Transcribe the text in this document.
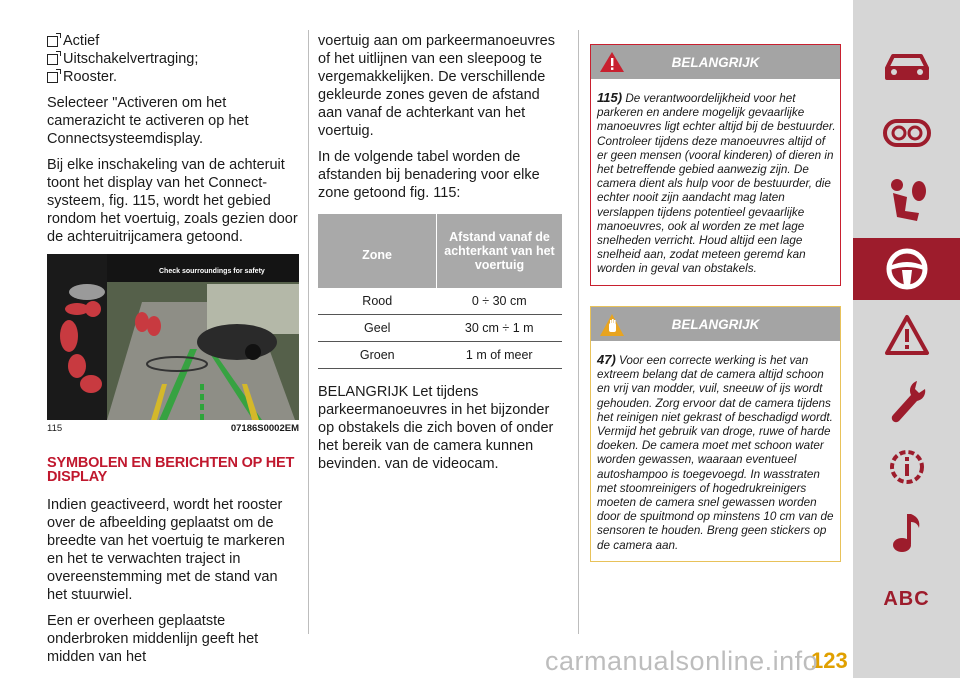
Actief
Uitschakelvertraging;
Rooster.

Selecteer "Activeren om het camerazicht te activeren op het Connectsysteemdisplay.

Bij elke inschakeling van de achteruit toont het display van het Connect-systeem, fig. 115, wordt het gebied rondom het voertuig, zoals gezien door de achteruitrijcamera getoond.

Check sourroundings for safety
115	07186S0002EM
SYMBOLEN EN BERICHTEN OP HET DISPLAY

Indien geactiveerd, wordt het rooster over de afbeelding geplaatst om de breedte van het voertuig te markeren en het te verwachten traject in overeenstemming met de stand van het stuurwiel.

Een er overheen geplaatste onderbroken middenlijn geeft het midden van het

voertuig aan om parkeermanoeuvres of het uitlijnen van een sleepoog te vergemakkelijken. De verschillende gekleurde zones geven de afstand aan vanaf de achterkant van het voertuig.

In de volgende tabel worden de afstanden bij benadering voor elke zone getoond fig. 115:

Zone	Afstand vanaf de achterkant van het voertuig
Rood	0 ÷ 30 cm
Geel	30 cm ÷ 1 m
Groen	1 m of meer

BELANGRIJK Let tijdens parkeermanoeuvres in het bijzonder op obstakels die zich boven of onder het bereik van de camera kunnen bevinden. van de videocam.

BELANGRIJK
115) De verantwoordelijkheid voor het parkeren en andere mogelijk gevaarlijke manoeuvres ligt echter altijd bij de bestuurder. Controleer tijdens deze manoeuvres altijd of er geen mensen (vooral kinderen) of dieren in het betreffende gebied aanwezig zijn. De camera dient als hulp voor de bestuurder, die echter nooit zijn aandacht mag laten verslappen tijdens potentieel gevaarlijke manoeuvres, ook al worden ze met lage snelheden verricht. Houd altijd een lage snelheid aan, zodat meteen geremd kan worden in geval van obstakels.
BELANGRIJK
47) Voor een correcte werking is het van extreem belang dat de camera altijd schoon en vrij van modder, vuil, sneeuw of ijs wordt gehouden. Zorg ervoor dat de camera tijdens het reinigen niet gekrast of beschadigd wordt. Vermijd het gebruik van droge, ruwe of harde doeken. De camera moet met schoon water worden gewassen, waaraan eventueel autoshampoo is toegevoegd. In wasstraten met stoomreinigers of hogedrukreinigers moeten de camera snel gewassen worden door de spuitmond op minstens 10 cm van de sensoren te houden. Breng geen stickers op de camera aan.
ABC
123
carmanualsonline.info
